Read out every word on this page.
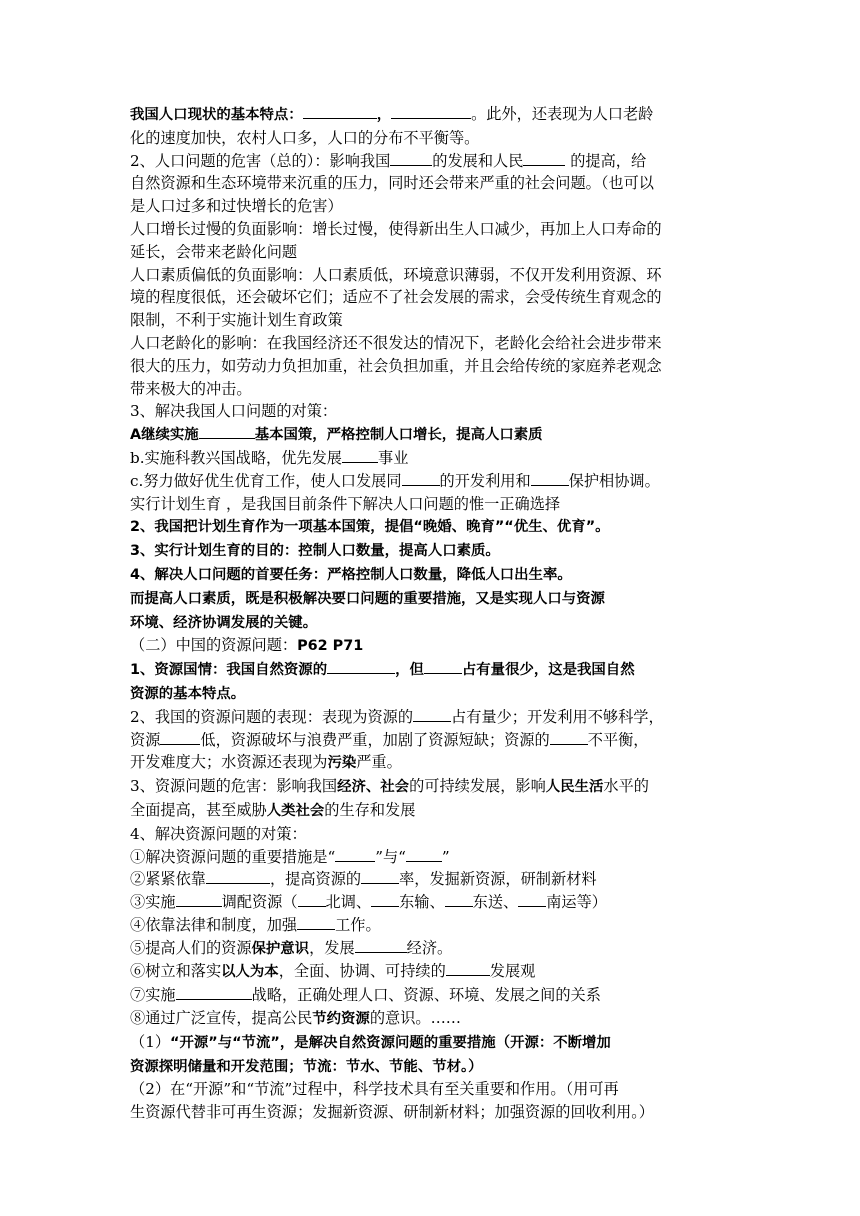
我国人口现状的基本特点：	，	。此外，还表现为人口老龄
化的速度加快，农村人口多，人口的分布不平衡等。
2、人口问题的危害（总的）：影响我国	的发展和人民	的提高，给
自然资源和生态环境带来沉重的压力，同时还会带来严重的社会问题。（也可以
是人口过多和过快增长的危害）
人口增长过慢的负面影响：增长过慢，使得新出生人口减少，再加上人口寿命的
延长，会带来老龄化问题
人口素质偏低的负面影响：人口素质低，环境意识薄弱，不仅开发利用资源、环
境的程度很低，还会破坏它们；适应不了社会发展的需求，会受传统生育观念的
限制，不利于实施计划生育政策
人口老龄化的影响：在我国经济还不很发达的情况下，老龄化会给社会进步带来
很大的压力，如劳动力负担加重，社会负担加重，并且会给传统的家庭养老观念
带来极大的冲击。
3、解决我国人口问题的对策：
A继续实施	基本国策，严格控制人口增长，提高人口素质
b.实施科教兴国战略，优先发展 事业
c.努力做好优生优育工作，使人口发展同	的开发利用和	保护相协调。
实行计划生育 ，是我国目前条件下解决人口问题的惟一正确选择
2、我国把计划生育作为一项基本国策，提倡“晚婚、晚育”“优生、优育”。
3、实行计划生育的目的：控制人口数量，提高人口素质。
4、解决人口问题的首要任务：严格控制人口数量，降低人口出生率。
而提高人口素质，既是积极解决要口问题的重要措施，又是实现人口与资源
环境、经济协调发展的关键。
（二）中国的资源问题：P62 P71
1、资源国情：我国自然资源的	，但	占有量很少，这是我国自然
资源的基本特点。
2、我国的资源问题的表现：表现为资源的	占有量少；开发利用不够科学，
资源	低，资源破坏与浪费严重，加剧了资源短缺；资源的	不平衡，
开发难度大；水资源还表现为污染严重。
3、资源问题的危害：影响我国经济、社会的可持续发展，影响人民生活水平的
全面提高，甚至威胁人类社会的生存和发展
4、解决资源问题的对策：
①解决资源问题的重要措施是“	”与“ ”
②紧紧依靠	，提高资源的	率，发掘新资源，研制新材料
③实施	调配资源（ 北调、 东输、 东送、 南运等）
④依靠法律和制度，加强	工作。
⑤提高人们的资源保护意识，发展	经济。
⑥树立和落实以人为本，全面、协调、可持续的	发展观
⑦实施	战略，正确处理人口、资源、环境、发展之间的关系
⑧通过广泛宣传，提高公民节约资源的意识。……
（1）“开源”与“节流”，是解决自然资源问题的重要措施（开源：不断增加
资源探明储量和开发范围；节流：节水、节能、节材。）
（2）在“开源”和“节流”过程中，科学技术具有至关重要和作用。（用可再
生资源代替非可再生资源；发掘新资源、研制新材料；加强资源的回收利用。）
